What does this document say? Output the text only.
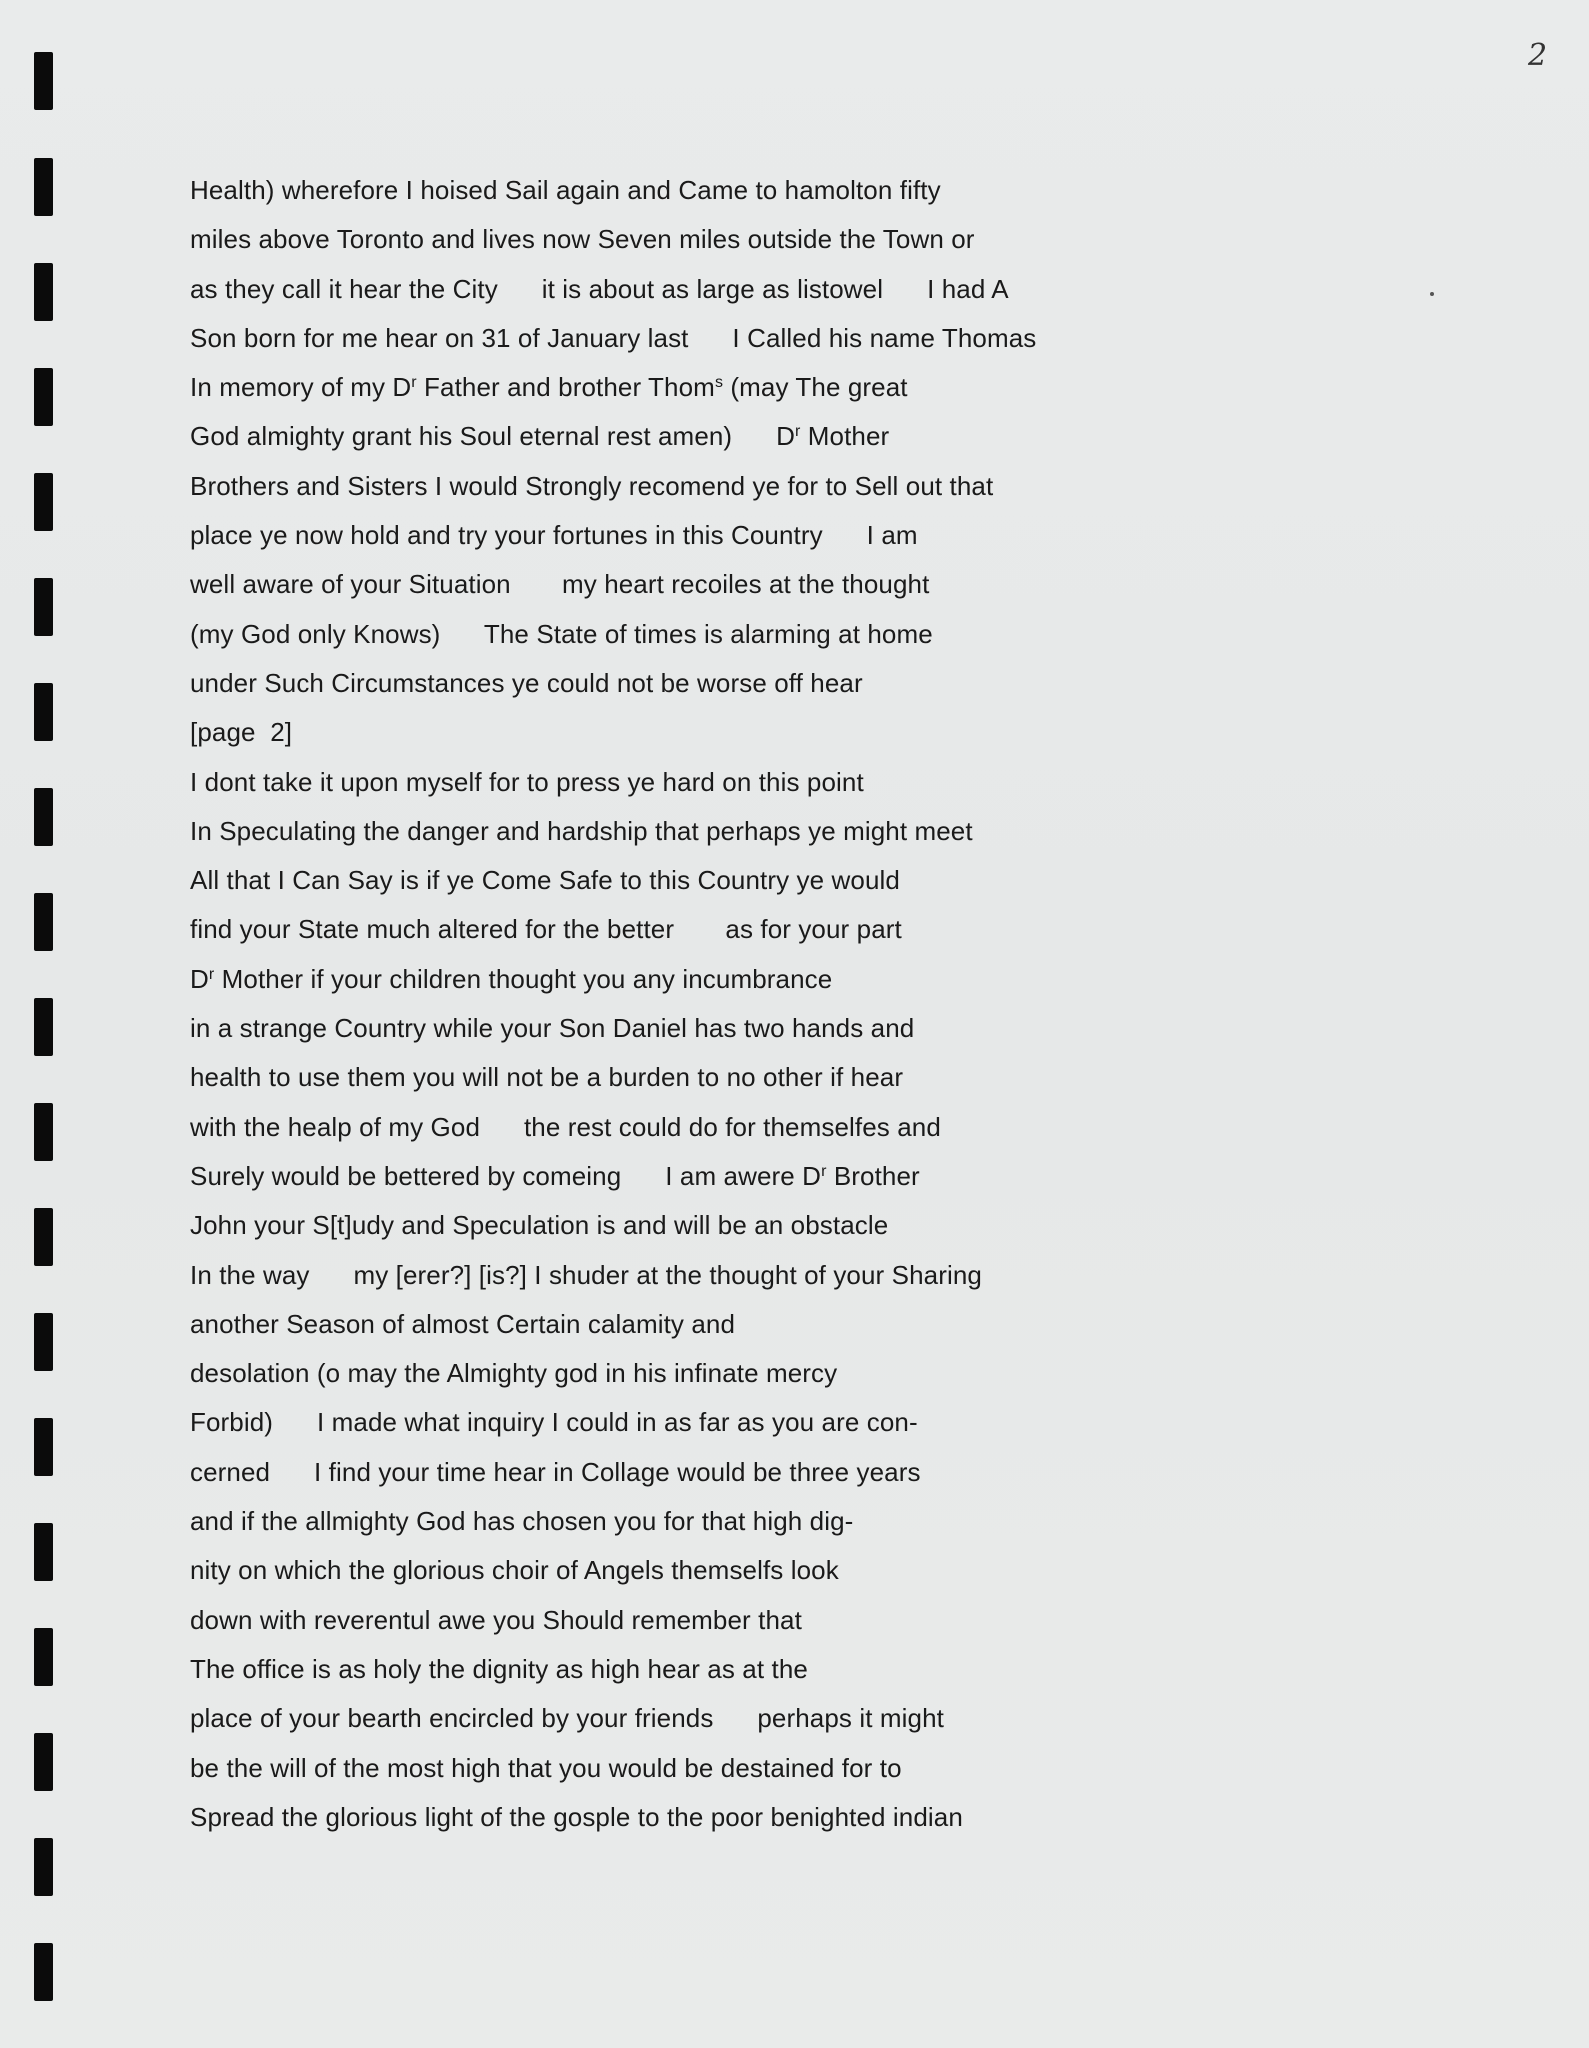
2
Health) wherefore I hoised Sail again and Came to hamolton fifty
miles above Toronto and lives now Seven miles outside the Town or
as they call it hear the City      it is about as large as listowel      I had A
Son born for me hear on 31 of January last      I Called his name Thomas
In memory of my $D^r$ Father and brother Thom$^s$ (may The great
God almighty grant his Soul eternal rest amen)      $D^r$ Mother
Brothers and Sisters I would Strongly recomend ye for to Sell out that
place ye now hold and try your fortunes in this Country      I am
well aware of your Situation       my heart recoiles at the thought
(my God only Knows)      The State of times is alarming at home
under Such Circumstances ye could not be worse off hear
[page  2]
I dont take it upon myself for to press ye hard on this point
In Speculating the danger and hardship that perhaps ye might meet
All that I Can Say is if ye Come Safe to this Country ye would
find your State much altered for the better       as for your part
$D^r$ Mother if your children thought you any incumbrance
in a strange Country while your Son Daniel has two hands and
health to use them you will not be a burden to no other if hear
with the healp of my God      the rest could do for themselfes and
Surely would be bettered by comeing      I am awere $D^r$ Brother
John your S[t]udy and Speculation is and will be an obstacle
In the way      my [erer?] [is?] I shuder at the thought of your Sharing
another Season of almost Certain calamity and
desolation (o may the Almighty god in his infinate mercy
Forbid)      I made what inquiry I could in as far as you are con-
cerned      I find your time hear in Collage would be three years
and if the allmighty God has chosen you for that high dig-
nity on which the glorious choir of Angels themselfs look
down with reverentul awe you Should remember that
The office is as holy the dignity as high hear as at the
place of your bearth encircled by your friends      perhaps it might
be the will of the most high that you would be destained for to
Spread the glorious light of the gosple to the poor benighted indian
